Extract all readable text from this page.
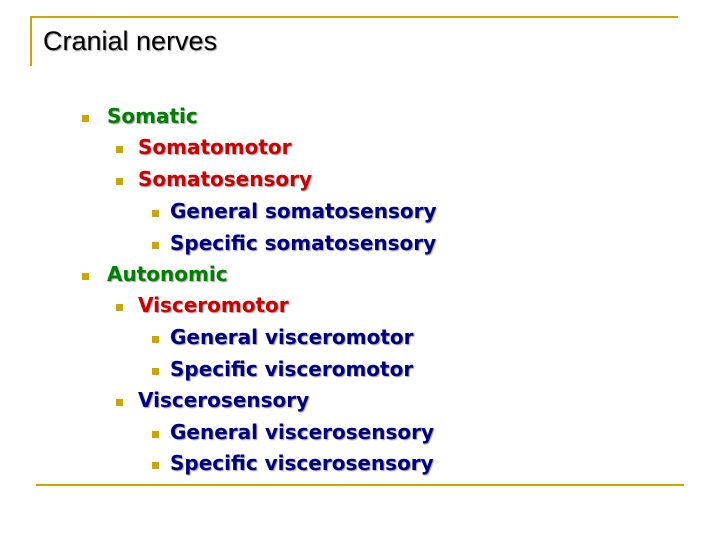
Cranial nerves
Somatic
Somatomotor
Somatosensory
General somatosensory
Specific somatosensory
Autonomic
Visceromotor
General visceromotor
Specific visceromotor
Viscerosensory
General viscerosensory
Specific viscerosensory
